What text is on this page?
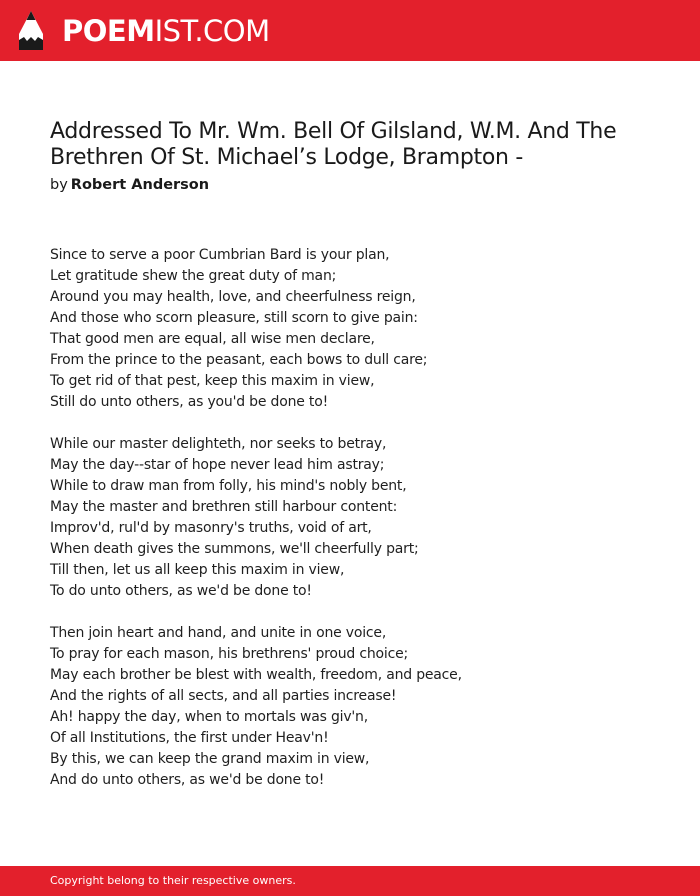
POEMIST.COM
Addressed To Mr. Wm. Bell Of Gilsland, W.M. And The Brethren Of St. Michael’s Lodge, Brampton -
by Robert Anderson
Since to serve a poor Cumbrian Bard is your plan,
Let gratitude shew the great duty of man;
Around you may health, love, and cheerfulness reign,
And those who scorn pleasure, still scorn to give pain:
That good men are equal, all wise men declare,
From the prince to the peasant, each bows to dull care;
To get rid of that pest, keep this maxim in view,
Still do unto others, as you'd be done to!
While our master delighteth, nor seeks to betray,
May the day--star of hope never lead him astray;
While to draw man from folly, his mind's nobly bent,
May the master and brethren still harbour content:
Improv'd, rul'd by masonry's truths, void of art,
When death gives the summons, we'll cheerfully part;
Till then, let us all keep this maxim in view,
To do unto others, as we'd be done to!
Then join heart and hand, and unite in one voice,
To pray for each mason, his brethrens' proud choice;
May each brother be blest with wealth, freedom, and peace,
And the rights of all sects, and all parties increase!
Ah! happy the day, when to mortals was giv'n,
Of all Institutions, the first under Heav'n!
By this, we can keep the grand maxim in view,
And do unto others, as we'd be done to!
Copyright belong to their respective owners.
